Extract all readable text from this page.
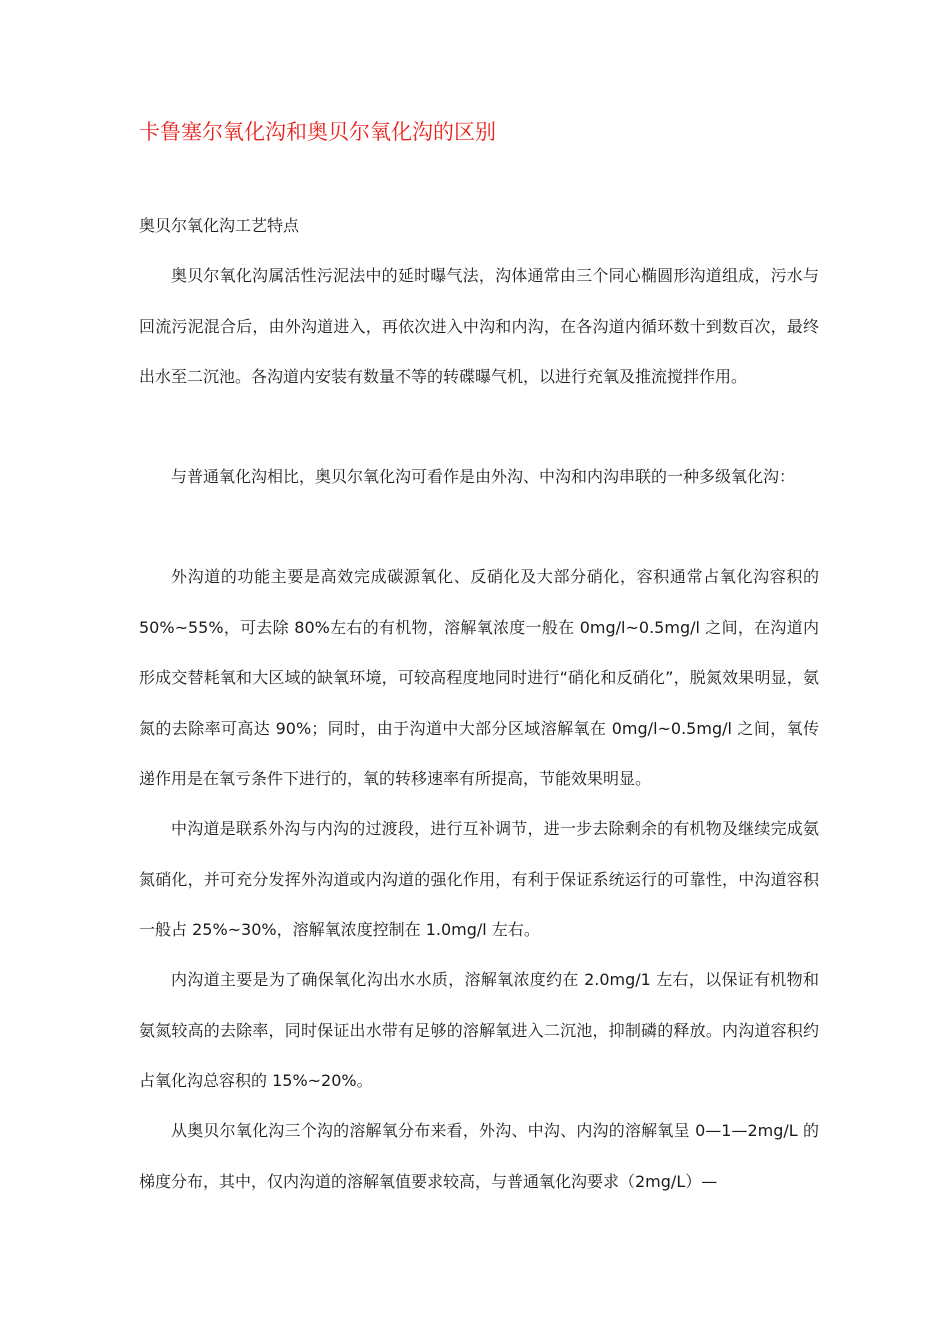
卡鲁塞尔氧化沟和奥贝尔氧化沟的区别
奥贝尔氧化沟工艺特点

奥贝尔氧化沟属活性污泥法中的延时曝气法，沟体通常由三个同心椭圆形沟道组成，污水与回流污泥混合后，由外沟道进入，再依次进入中沟和内沟，在各沟道内循环数十到数百次，最终出水至二沉池。各沟道内安装有数量不等的转碟曝气机，以进行充氧及推流搅拌作用。

与普通氧化沟相比，奥贝尔氧化沟可看作是由外沟、中沟和内沟串联的一种多级氧化沟：

外沟道的功能主要是高效完成碳源氧化、反硝化及大部分硝化，容积通常占氧化沟容积的 50%~55%，可去除 80%左右的有机物，溶解氧浓度一般在 0mg/l~0.5mg/l 之间，在沟道内形成交替耗氧和大区域的缺氧环境，可较高程度地同时进行“硝化和反硝化”，脱氮效果明显，氨氮的去除率可高达 90%；同时，由于沟道中大部分区域溶解氧在 0mg/l~0.5mg/l 之间，氧传递作用是在氧亏条件下进行的，氧的转移速率有所提高，节能效果明显。

中沟道是联系外沟与内沟的过渡段，进行互补调节，进一步去除剩余的有机物及继续完成氨氮硝化，并可充分发挥外沟道或内沟道的强化作用，有利于保证系统运行的可靠性，中沟道容积一般占 25%~30%，溶解氧浓度控制在 1.0mg/l 左右。

内沟道主要是为了确保氧化沟出水水质，溶解氧浓度约在 2.0mg/1 左右，以保证有机物和氨氮较高的去除率，同时保证出水带有足够的溶解氧进入二沉池，抑制磷的释放。内沟道容积约占氧化沟总容积的 15%~20%。

从奥贝尔氧化沟三个沟的溶解氧分布来看，外沟、中沟、内沟的溶解氧呈 0—1—2mg/L 的梯度分布，其中，仅内沟道的溶解氧值要求较高，与普通氧化沟要求（2mg/L）—
